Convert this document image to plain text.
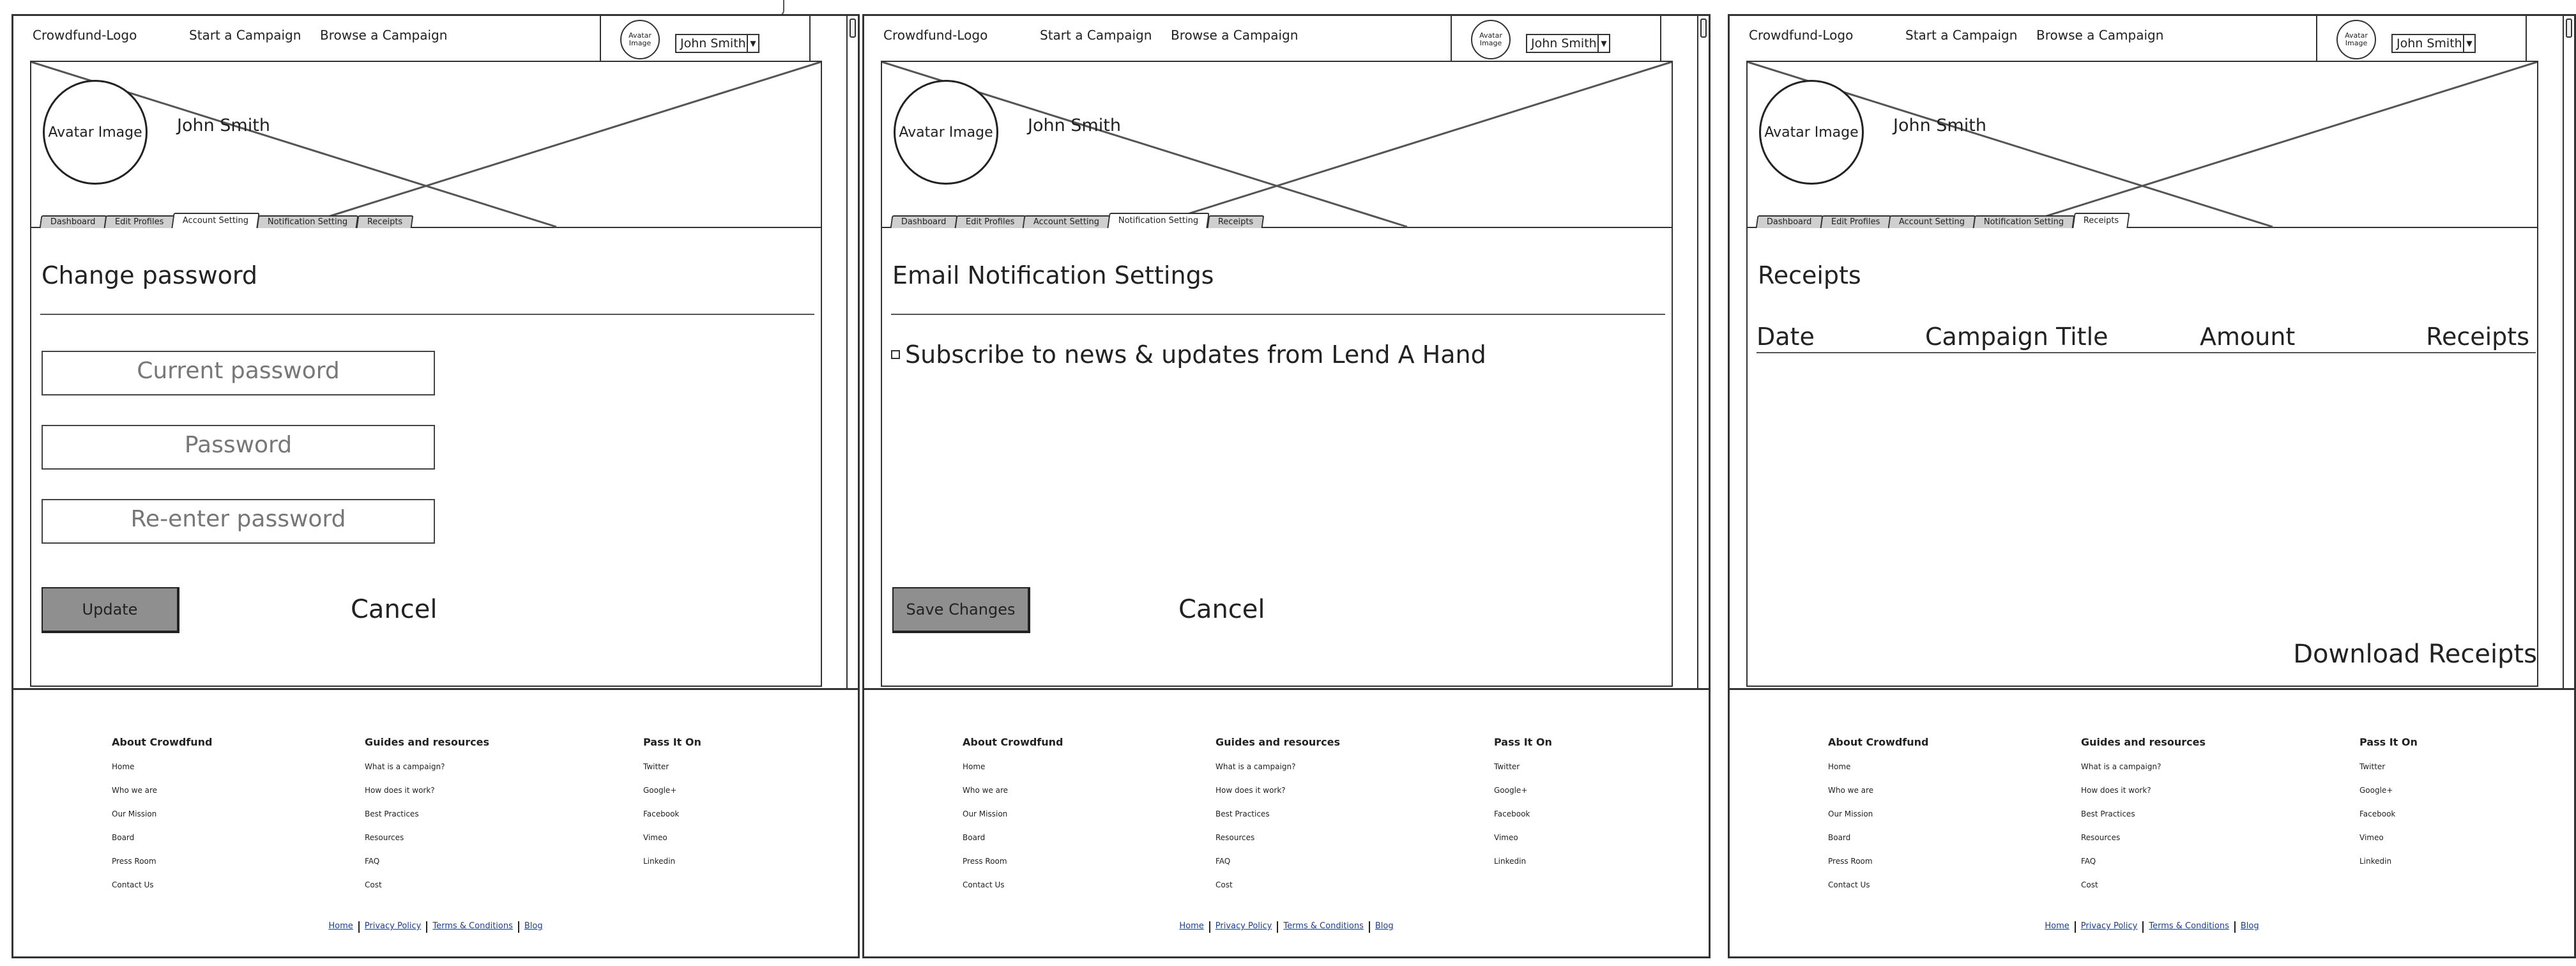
Crowdfund-Logo	Start a Campaign Browse a Campaign	Avatar Image	John Smith ▼
Avatar Image	John Smith
Dashboard	Edit Profiles	Account Setting	Notification Setting	Receipts
Change password
Current password
Password
Re-enter password
Update	Cancel
About Crowdfund
Home
Who we are
Our Mission
Board
Press Room
Contact Us
Guides and resources
What is a campaign?
How does it work?
Best Practices
Resources
FAQ
Cost
Pass It On
Twitter
Google+
Facebook
Vimeo
Linkedin
Home	Privacy Policy	Terms & Conditions	Blog
Crowdfund-Logo	Start a Campaign Browse a Campaign	Avatar Image	John Smith ▼
Avatar Image	John Smith
Dashboard	Edit Profiles	Account Setting	Notification Setting	Receipts
Email Notification Settings
Subscribe to news & updates from Lend A Hand
Save Changes	Cancel
About Crowdfund
Home
Who we are
Our Mission
Board
Press Room
Contact Us
Guides and resources
What is a campaign?
How does it work?
Best Practices
Resources
FAQ
Cost
Pass It On
Twitter
Google+
Facebook
Vimeo
Linkedin
Home	Privacy Policy	Terms & Conditions	Blog
Crowdfund-Logo	Start a Campaign Browse a Campaign	Avatar Image	John Smith ▼
Avatar Image	John Smith
Dashboard	Edit Profiles	Account Setting	Notification Setting	Receipts
Receipts
Date	Campaign Title	Amount	Receipts
Download Receipts
About Crowdfund
Home
Who we are
Our Mission
Board
Press Room
Contact Us
Guides and resources
What is a campaign?
How does it work?
Best Practices
Resources
FAQ
Cost
Pass It On
Twitter
Google+
Facebook
Vimeo
Linkedin
Home	Privacy Policy	Terms & Conditions	Blog
